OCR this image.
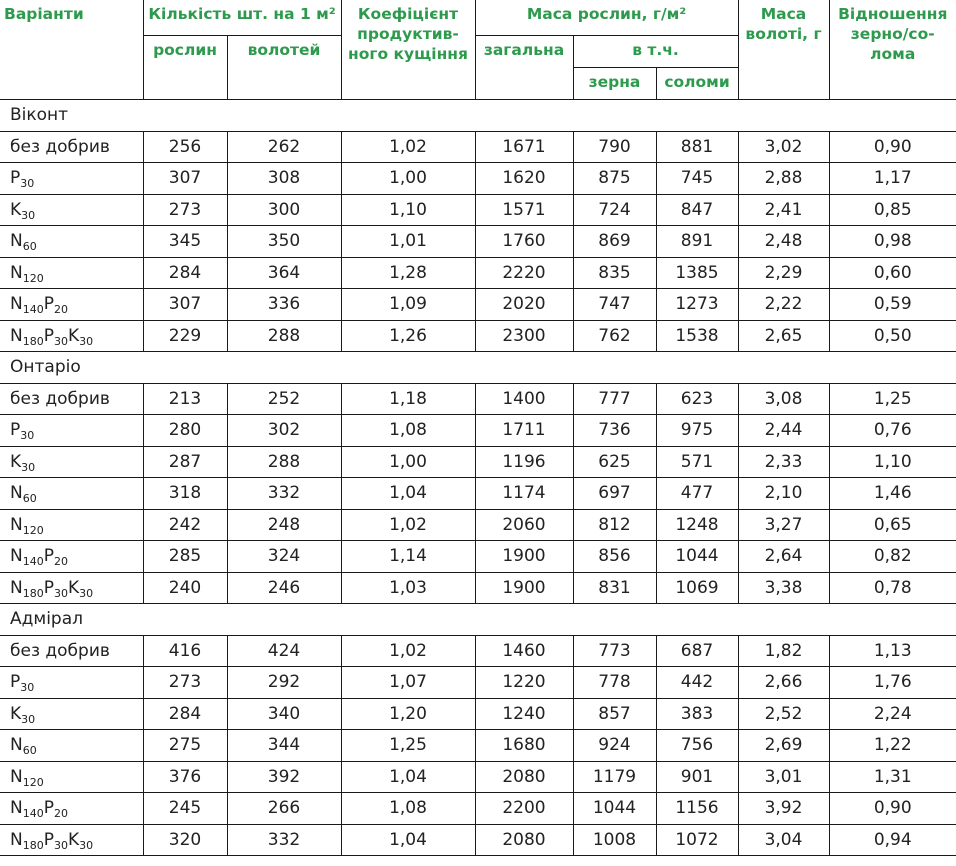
Варіанти	Кількість шт. на 1 м²		Коефіцієнт продуктив-ного кущіння	Маса рослин, г/м²			Маса волоті, г	Відношення зерно/со-лома
	рослин	волотей		загальна	в т.ч.			
					зерна	соломи		
Віконт								
без добрив	256	262	1,02	1671	790	881	3,02	0,90
$P_{30}$	307	308	1,00	1620	875	745	2,88	1,17
$K_{30}$	273	300	1,10	1571	724	847	2,41	0,85
$N_{60}$	345	350	1,01	1760	869	891	2,48	0,98
$N_{120}$	284	364	1,28	2220	835	1385	2,29	0,60
$N_{140}P_{20}$	307	336	1,09	2020	747	1273	2,22	0,59
$N_{180}P_{30}K_{30}$	229	288	1,26	2300	762	1538	2,65	0,50
Онтаріо								
без добрив	213	252	1,18	1400	777	623	3,08	1,25
$P_{30}$	280	302	1,08	1711	736	975	2,44	0,76
$K_{30}$	287	288	1,00	1196	625	571	2,33	1,10
$N_{60}$	318	332	1,04	1174	697	477	2,10	1,46
$N_{120}$	242	248	1,02	2060	812	1248	3,27	0,65
$N_{140}P_{20}$	285	324	1,14	1900	856	1044	2,64	0,82
$N_{180}P_{30}K_{30}$	240	246	1,03	1900	831	1069	3,38	0,78
Адмірал								
без добрив	416	424	1,02	1460	773	687	1,82	1,13
$P_{30}$	273	292	1,07	1220	778	442	2,66	1,76
$K_{30}$	284	340	1,20	1240	857	383	2,52	2,24
$N_{60}$	275	344	1,25	1680	924	756	2,69	1,22
$N_{120}$	376	392	1,04	2080	1179	901	3,01	1,31
$N_{140}P_{20}$	245	266	1,08	2200	1044	1156	3,92	0,90
$N_{180}P_{30}K_{30}$	320	332	1,04	2080	1008	1072	3,04	0,94
